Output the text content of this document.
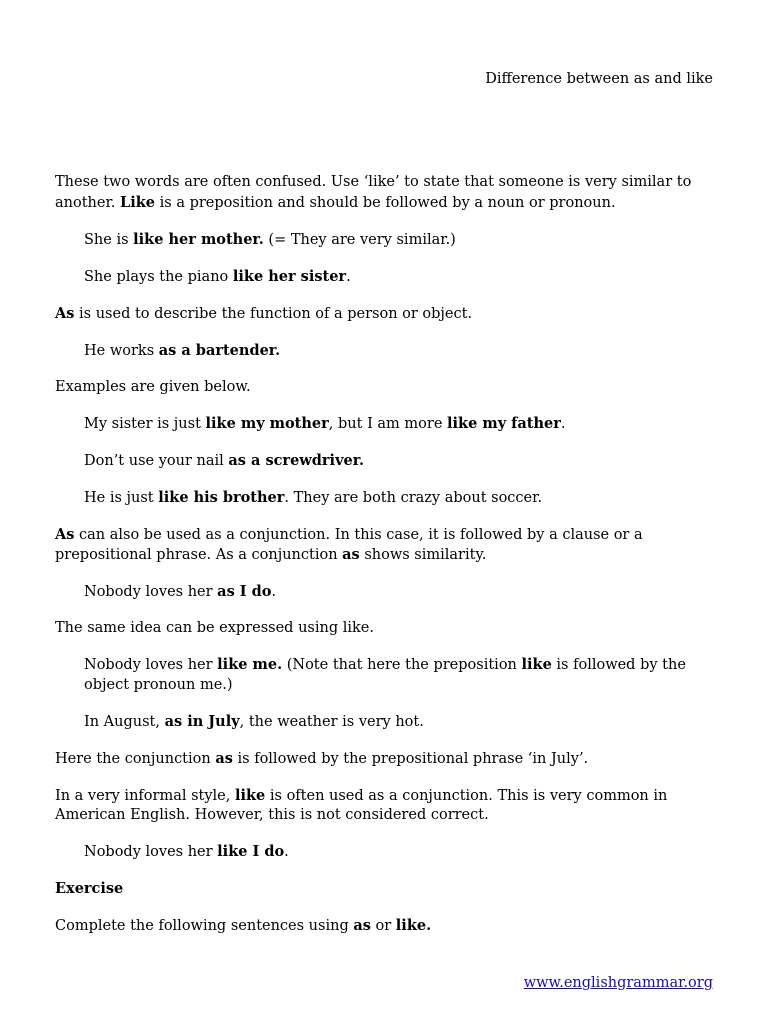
Difference between as and like

These two words are often confused. Use ‘like’ to state that someone is very similar to another. Like is a preposition and should be followed by a noun or pronoun.

She is like her mother. (= They are very similar.)

She plays the piano like her sister.

As is used to describe the function of a person or object.

He works as a bartender.

Examples are given below.

My sister is just like my mother, but I am more like my father.

Don’t use your nail as a screwdriver.

He is just like his brother. They are both crazy about soccer.

As can also be used as a conjunction. In this case, it is followed by a clause or a prepositional phrase. As a conjunction as shows similarity.

Nobody loves her as I do.

The same idea can be expressed using like.

Nobody loves her like me. (Note that here the preposition like is followed by the object pronoun me.)

In August, as in July, the weather is very hot.

Here the conjunction as is followed by the prepositional phrase ‘in July’.

In a very informal style, like is often used as a conjunction. This is very common in American English. However, this is not considered correct.

Nobody loves her like I do.

Exercise

Complete the following sentences using as or like.

www.englishgrammar.org
